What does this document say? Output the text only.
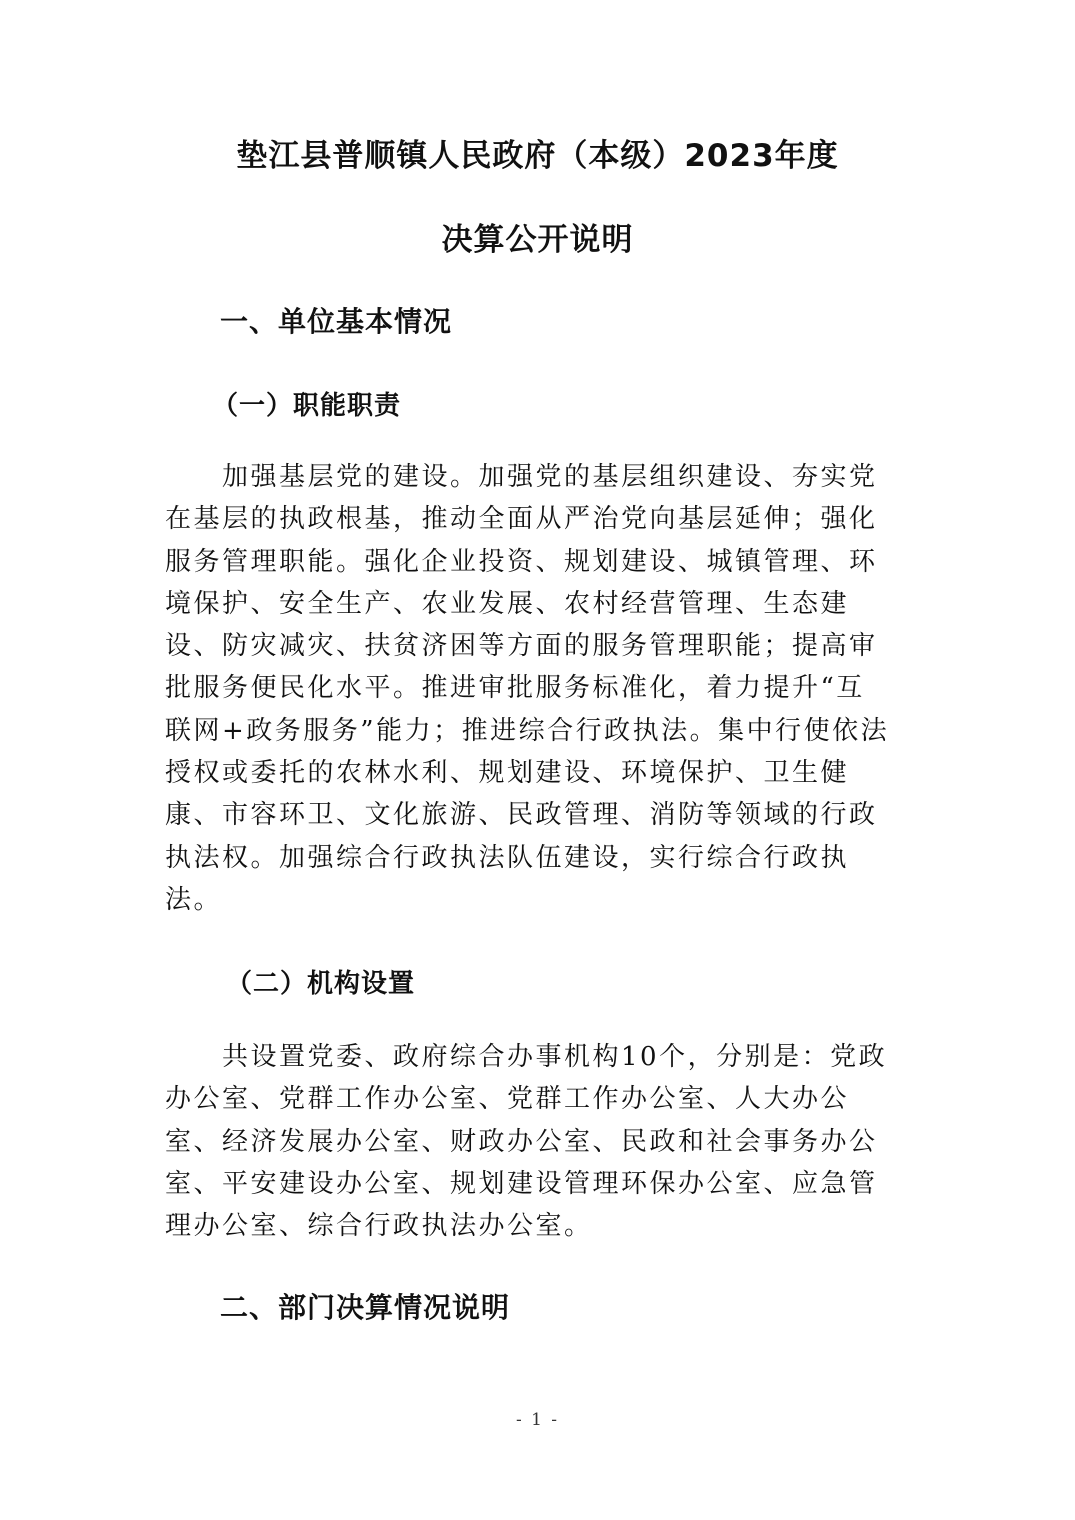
垫江县普顺镇人民政府（本级）2023年度
决算公开说明
一、单位基本情况
（一）职能职责
　　加强基层党的建设。加强党的基层组织建设、夯实党
在基层的执政根基，推动全面从严治党向基层延伸；强化
服务管理职能。强化企业投资、规划建设、城镇管理、环
境保护、安全生产、农业发展、农村经营管理、生态建
设、防灾减灾、扶贫济困等方面的服务管理职能；提高审
批服务便民化水平。推进审批服务标准化，着力提升“互
联网+政务服务”能力；推进综合行政执法。集中行使依法
授权或委托的农林水利、规划建设、环境保护、卫生健
康、市容环卫、文化旅游、民政管理、消防等领域的行政
执法权。加强综合行政执法队伍建设，实行综合行政执
法。
（二）机构设置
　　共设置党委、政府综合办事机构10个，分别是：党政
办公室、党群工作办公室、党群工作办公室、人大办公
室、经济发展办公室、财政办公室、民政和社会事务办公
室、平安建设办公室、规划建设管理环保办公室、应急管
理办公室、综合行政执法办公室。
二、部门决算情况说明
- 1 -
